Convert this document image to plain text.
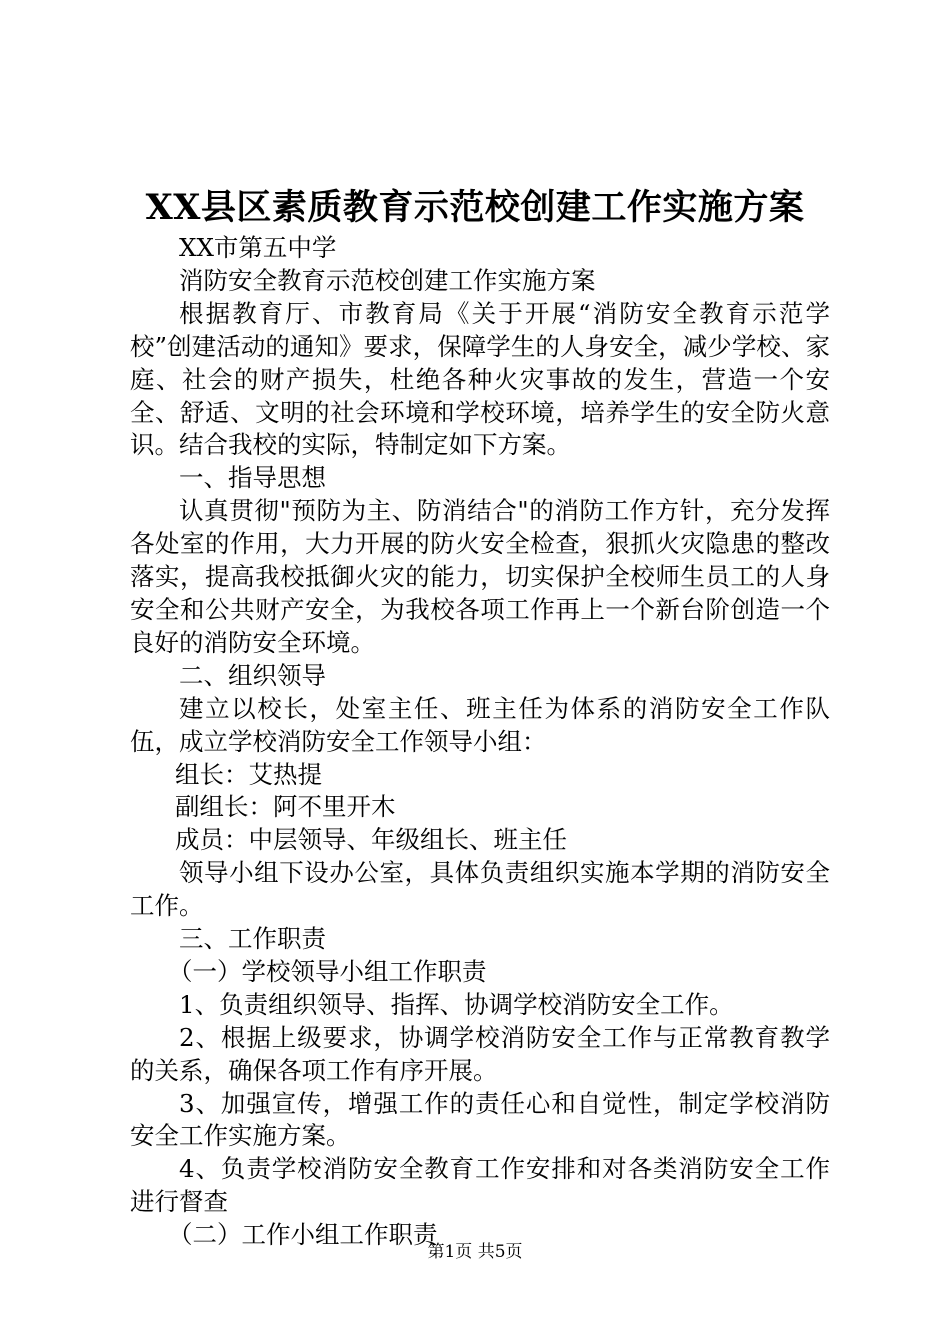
XX县区素质教育示范校创建工作实施方案

XX市第五中学

消防安全教育示范校创建工作实施方案

根据教育厅、市教育局《关于开展“消防安全教育示范学校”创建活动的通知》要求，保障学生的人身安全，减少学校、家庭、社会的财产损失，杜绝各种火灾事故的发生，营造一个安全、舒适、文明的社会环境和学校环境，培养学生的安全防火意识。结合我校的实际，特制定如下方案。

一、指导思想

认真贯彻"预防为主、防消结合"的消防工作方针，充分发挥各处室的作用，大力开展的防火安全检查，狠抓火灾隐患的整改落实，提高我校抵御火灾的能力，切实保护全校师生员工的人身安全和公共财产安全，为我校各项工作再上一个新台阶创造一个良好的消防安全环境。

二、组织领导

建立以校长，处室主任、班主任为体系的消防安全工作队伍，成立学校消防安全工作领导小组：

组长：艾热提

副组长：阿不里开木

成员：中层领导、年级组长、班主任

领导小组下设办公室，具体负责组织实施本学期的消防安全工作。

三、工作职责

（一）学校领导小组工作职责

1、负责组织领导、指挥、协调学校消防安全工作。

2、根据上级要求，协调学校消防安全工作与正常教育教学的关系，确保各项工作有序开展。

3、加强宣传，增强工作的责任心和自觉性，制定学校消防安全工作实施方案。

4、负责学校消防安全教育工作安排和对各类消防安全工作进行督查

（二）工作小组工作职责

第1页 共5页
